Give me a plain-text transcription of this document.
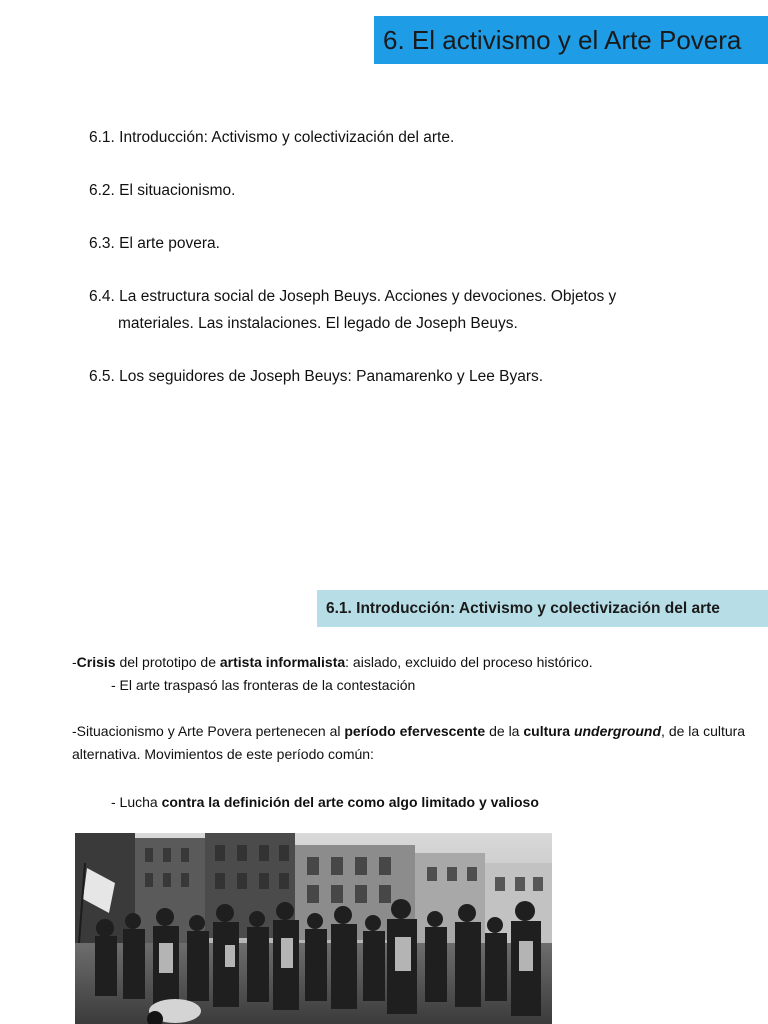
6. El activismo y el Arte Povera
6.1. Introducción: Activismo y colectivización del arte.
6.2. El situacionismo.
6.3. El arte povera.
6.4. La estructura social de Joseph Beuys. Acciones y devociones. Objetos y
materiales. Las instalaciones. El legado de Joseph Beuys.
6.5. Los seguidores de Joseph Beuys: Panamarenko y Lee Byars.
6.1. Introducción: Activismo y colectivización del arte
-Crisis del prototipo de artista informalista: aislado, excluido del proceso histórico.
- El arte traspasó las fronteras de la contestación
-Situacionismo y Arte Povera pertenecen al período efervescente de la cultura underground, de la cultura alternativa. Movimientos de este período común:
- Lucha contra la definición del arte como algo limitado y valioso
